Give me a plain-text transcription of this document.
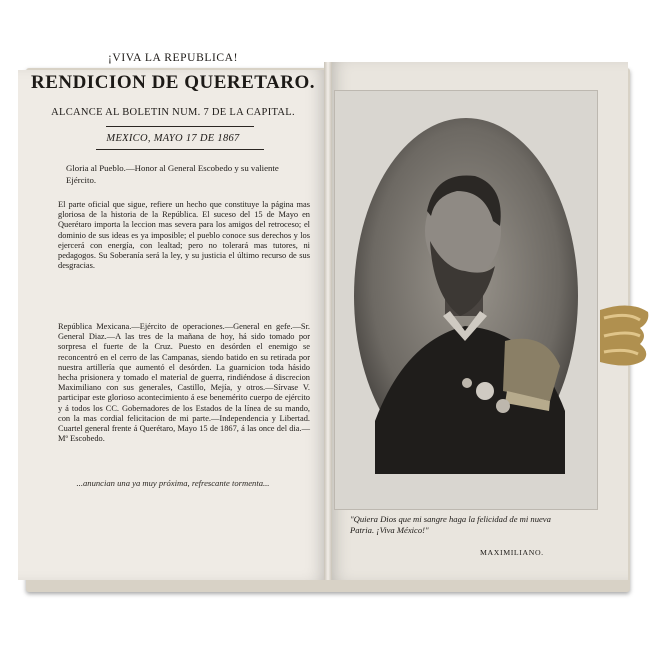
¡VIVA LA REPUBLICA!
RENDICION DE QUERETARO.
ALCANCE AL BOLETIN NUM. 7 DE LA CAPITAL.
MEXICO, MAYO 17 DE 1867
Gloria al Pueblo.—Honor al General Escobedo y su valiente Ejército.
El parte oficial que sigue, refiere un hecho que constituye la página mas gloriosa de la historia de la República. El suceso del 15 de Mayo en Querétaro importa la leccion mas severa para los amigos del retroceso; el dominio de sus ideas es ya imposible; el pueblo conoce sus derechos y los ejercerá con energía, con lealtad; pero no tolerará mas tutores, ni pedagogos. Su Soberanía será la ley, y su justicia el último recurso de sus desgracias.
República Mexicana.—Ejército de operaciones.—General en gefe.—Sr. General Diaz.—A las tres de la mañana de hoy, há sido tomado por sorpresa el fuerte de la Cruz. Puesto en desórden el enemigo se reconcentró en el cerro de las Campanas, siendo batido en su retirada por nuestra artillería que aumentó el desórden. La guarnicion toda hásido hecha prisionera y tomado el material de guerra, rindiéndose á discrecion Maximiliano con sus generales, Castillo, Mejía, y otros.—Sírvase V. participar este glorioso acontecimiento á ese benemérito cuerpo de ejército y á todos los CC. Gobernadores de los Estados de la línea de su mando, con la mas cordial felicitacion de mi parte.—Independencia y Libertad. Cuartel general frente á Querétaro, Mayo 15 de 1867, á las once del dia.—Mº Escobedo.
...anuncian una ya muy próxima, refrescante tormenta...
"Quiera Dios que mi sangre haga la felicidad de mi nueva Patria. ¡Viva México!"
MAXIMILIANO.
